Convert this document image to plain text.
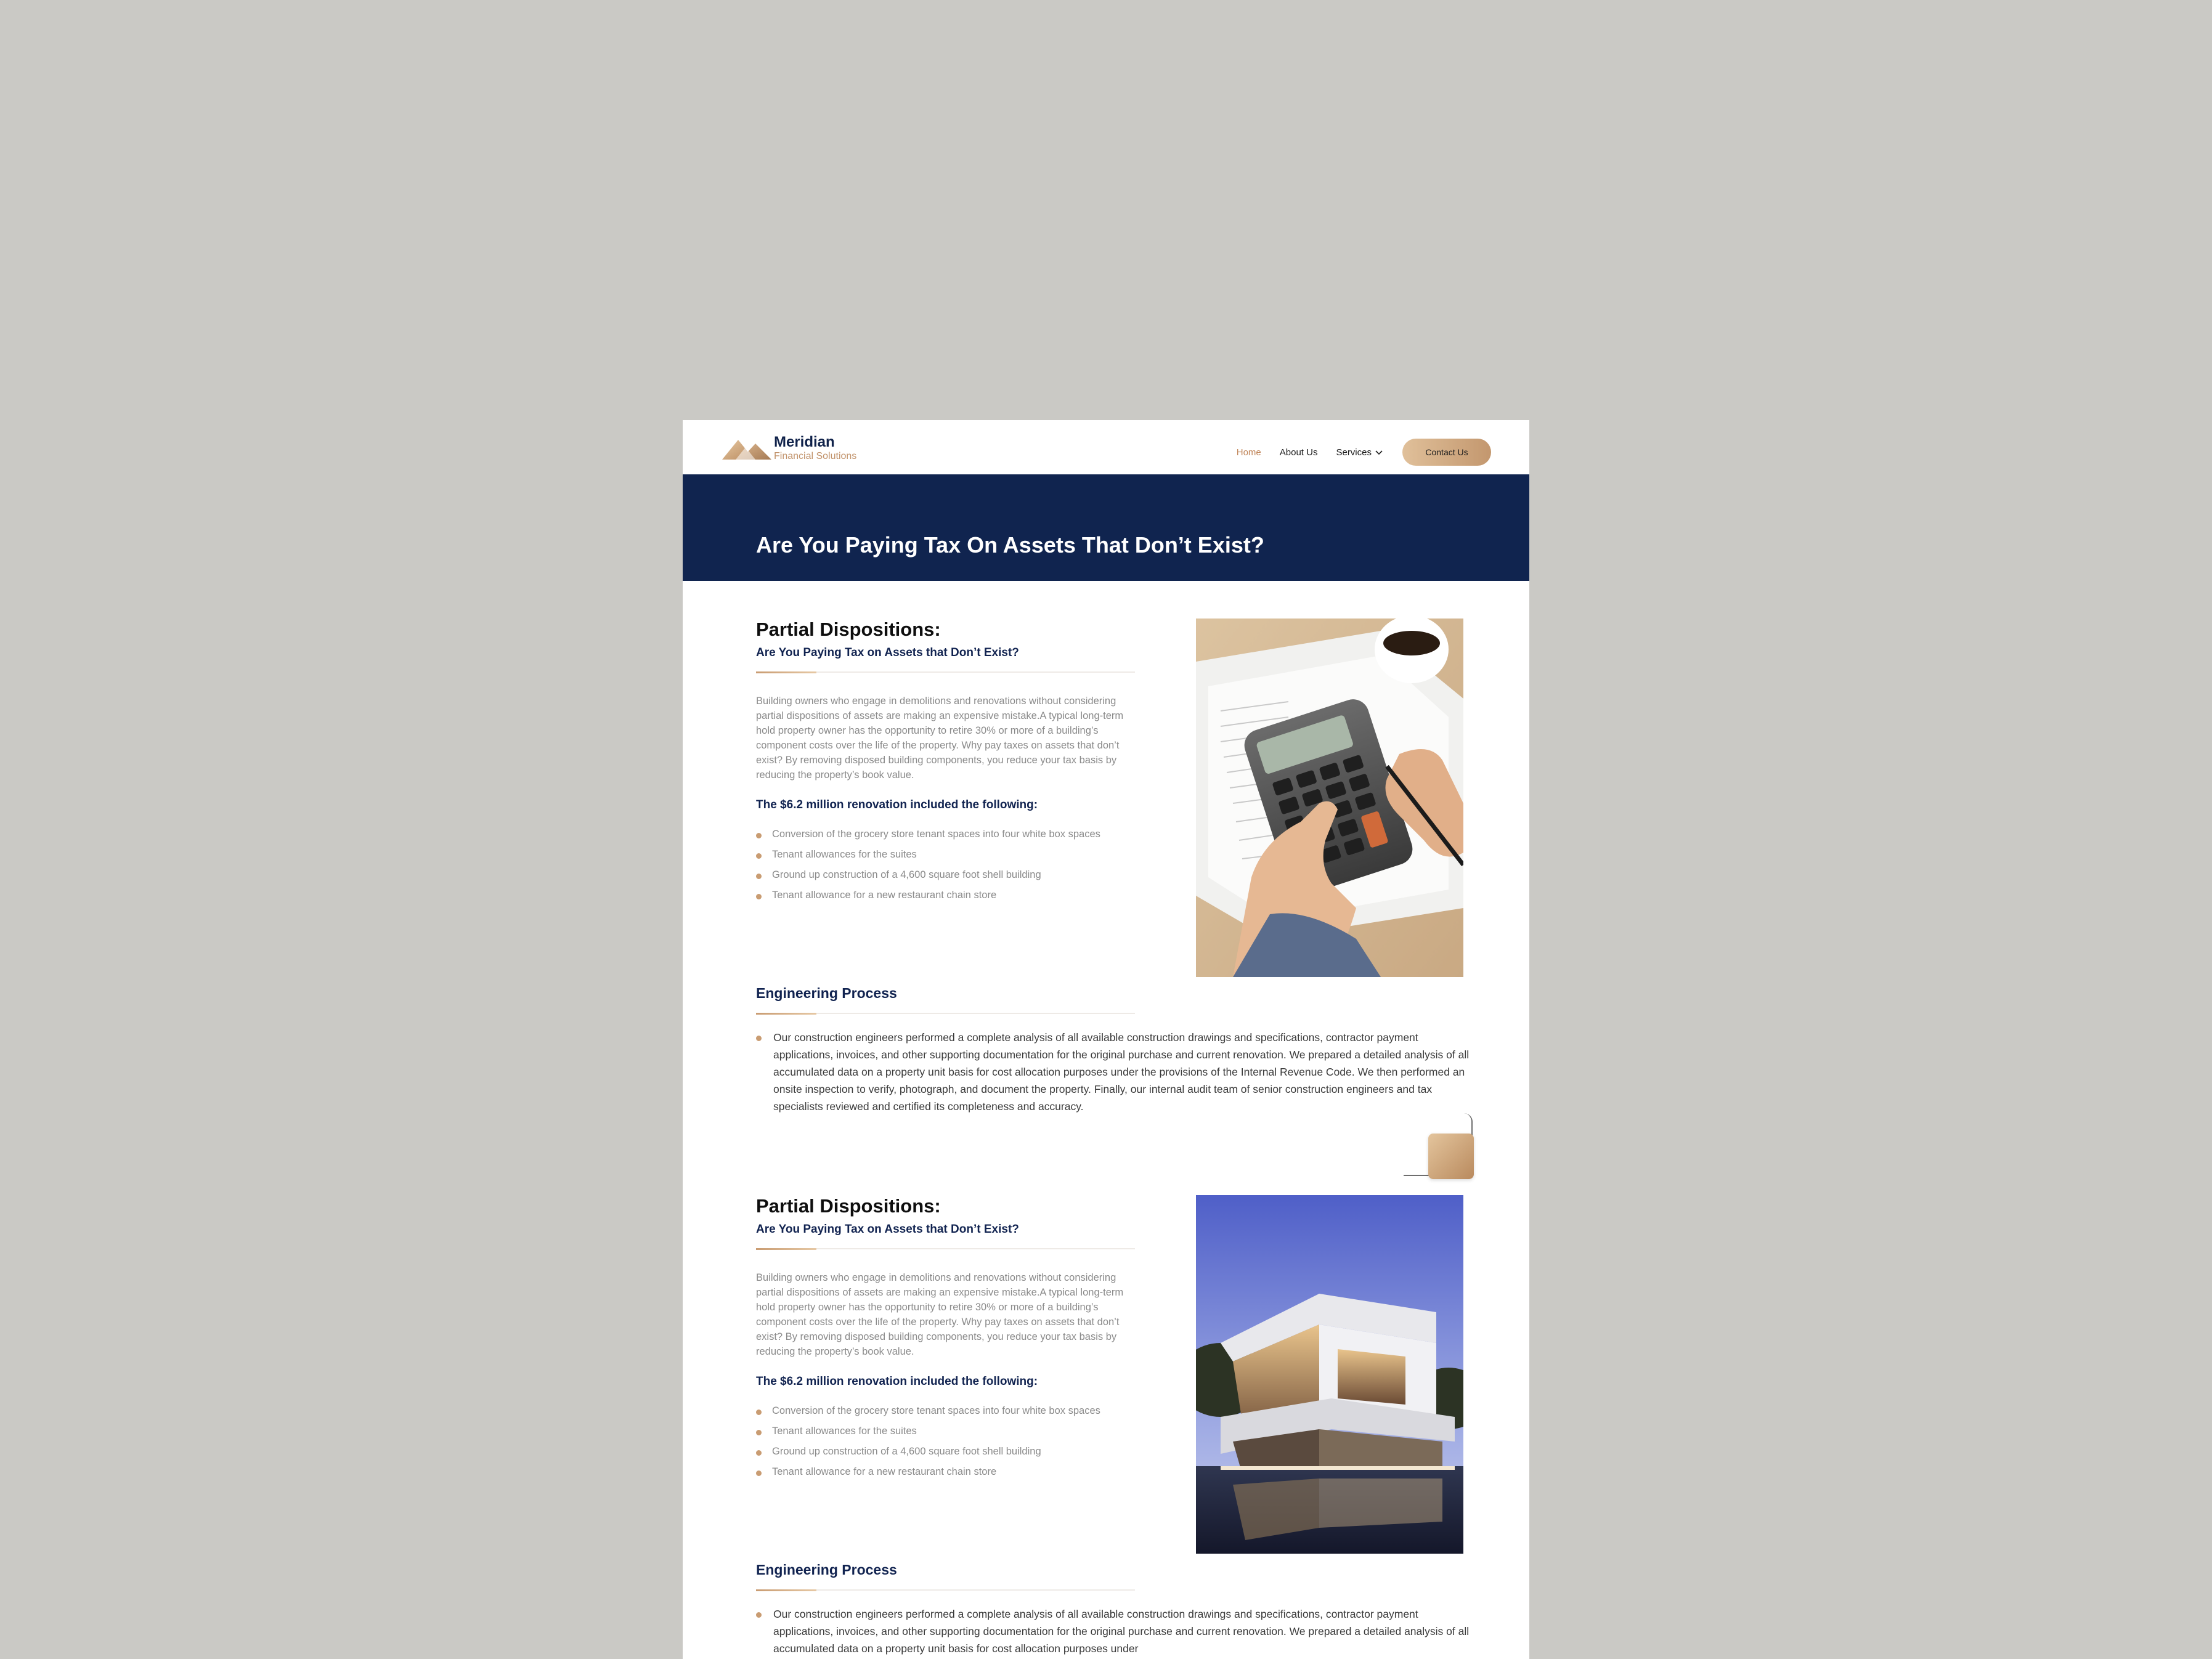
Meridian
Financial Solutions	Home About Us Services	Contact Us
Are You Paying Tax On Assets That Don’t Exist?
Partial Dispositions:
Are You Paying Tax on Assets that Don’t Exist?

Building owners who engage in demolitions and renovations without considering partial dispositions of assets are making an expensive mistake.A typical long-term hold property owner has the opportunity to retire 30% or more of a building’s component costs over the life of the property. Why pay taxes on assets that don’t exist? By removing disposed building components, you reduce your tax basis by reducing the property’s book value.

The $6.2 million renovation included the following:

Conversion of the grocery store tenant spaces into four white box spaces
Tenant allowances for the suites
Ground up construction of a 4,600 square foot shell building
Tenant allowance for a new restaurant chain store
Engineering Process

Our construction engineers performed a complete analysis of all available construction drawings and specifications, contractor payment applications, invoices, and other supporting documentation for the original purchase and current renovation. We prepared a detailed analysis of all accumulated data on a property unit basis for cost allocation purposes under the provisions of the Internal Revenue Code. We then performed an onsite inspection to verify, photograph, and document the property. Finally, our internal audit team of senior construction engineers and tax specialists reviewed and certified its completeness and accuracy.

Partial Dispositions:
Are You Paying Tax on Assets that Don’t Exist?

Building owners who engage in demolitions and renovations without considering partial dispositions of assets are making an expensive mistake.A typical long-term hold property owner has the opportunity to retire 30% or more of a building’s component costs over the life of the property. Why pay taxes on assets that don’t exist? By removing disposed building components, you reduce your tax basis by reducing the property’s book value.

The $6.2 million renovation included the following:

Conversion of the grocery store tenant spaces into four white box spaces
Tenant allowances for the suites
Ground up construction of a 4,600 square foot shell building
Tenant allowance for a new restaurant chain store
Engineering Process

Our construction engineers performed a complete analysis of all available construction drawings and specifications, contractor payment applications, invoices, and other supporting documentation for the original purchase and current renovation. We prepared a detailed analysis of all accumulated data on a property unit basis for cost allocation purposes under
